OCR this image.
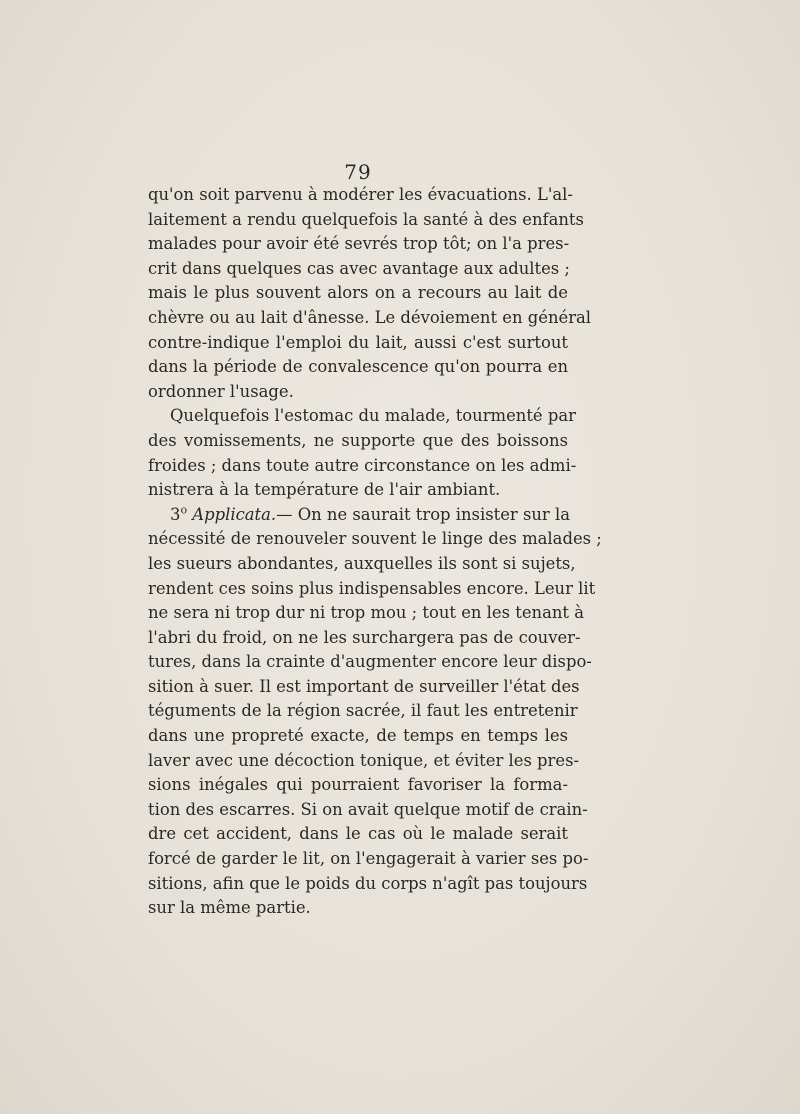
79
qu'on soit parvenu à modérer les évacuations. L'al-
laitement a rendu quelquefois la santé à des enfants
malades pour avoir été sevrés trop tôt; on l'a pres-
crit dans quelques cas avec avantage aux adultes ;
mais le plus souvent alors on a recours au lait de
chèvre ou au lait d'ânesse. Le dévoiement en général
contre-indique l'emploi du lait, aussi c'est surtout
dans la période de convalescence qu'on pourra en
ordonner l'usage.
Quelquefois l'estomac du malade, tourmenté par
des vomissements, ne supporte que des boissons
froides ; dans toute autre circonstance on les admi-
nistrera à la température de l'air ambiant.
3$^o$ Applicata.— On ne saurait trop insister sur la
nécessité de renouveler souvent le linge des malades ;
les sueurs abondantes, auxquelles ils sont si sujets,
rendent ces soins plus indispensables encore. Leur lit
ne sera ni trop dur ni trop mou ; tout en les tenant à
l'abri du froid, on ne les surchargera pas de couver-
tures, dans la crainte d'augmenter encore leur dispo-
sition à suer. Il est important de surveiller l'état des
téguments de la région sacrée, il faut les entretenir
dans une propreté exacte, de temps en temps les
laver avec une décoction tonique, et éviter les pres-
sions inégales qui pourraient favoriser la forma-
tion des escarres. Si on avait quelque motif de crain-
dre cet accident, dans le cas où le malade serait
forcé de garder le lit, on l'engagerait à varier ses po-
sitions, afin que le poids du corps n'agît pas toujours
sur la même partie.
